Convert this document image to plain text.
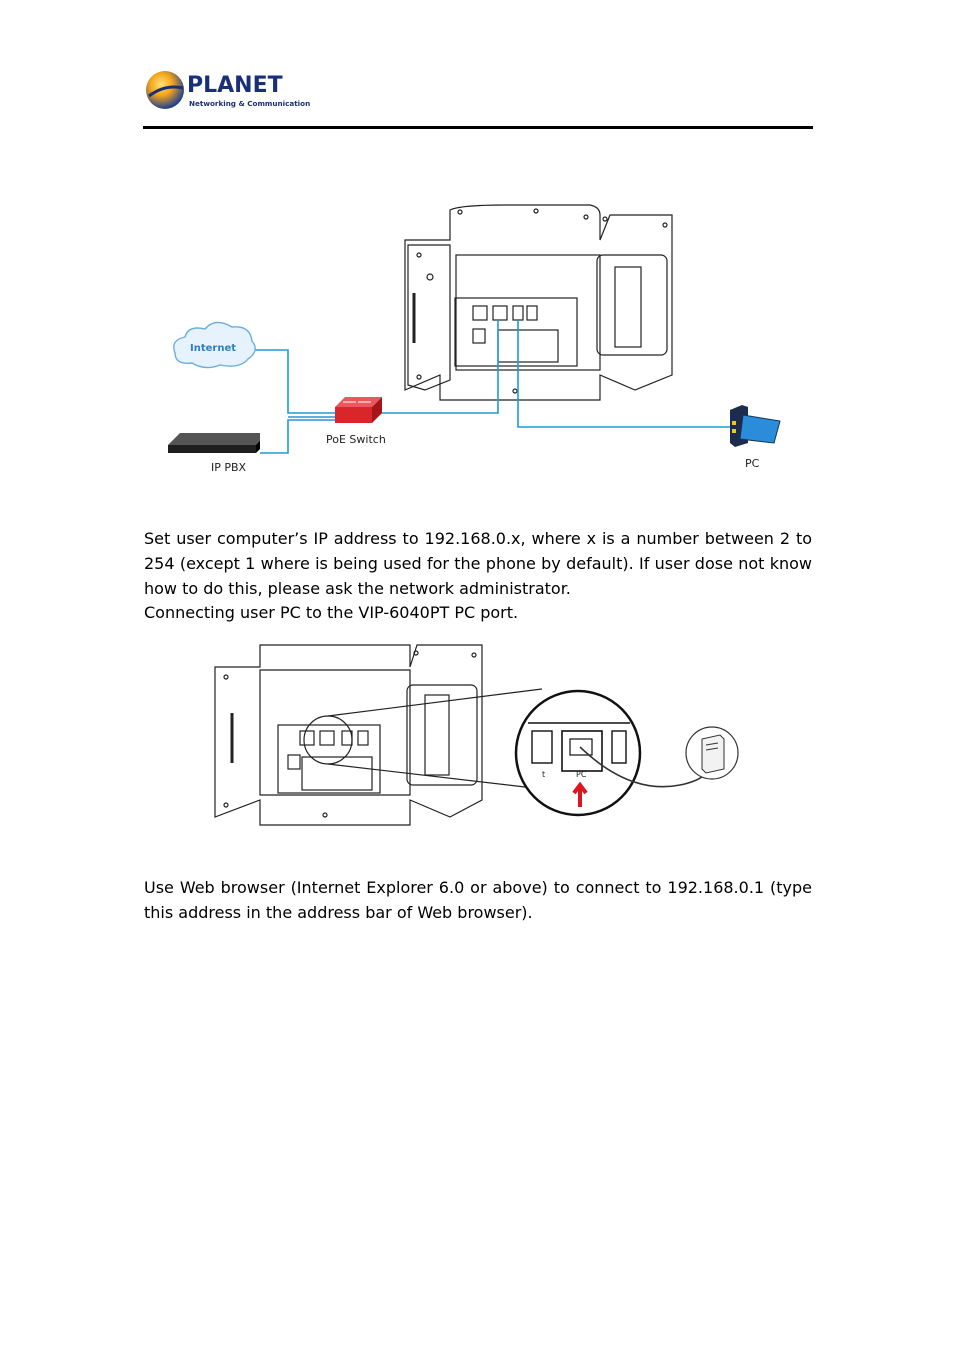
PLANET
Networking & Communication
Internet
PoE Switch
IP PBX	PC
Set user computer’s IP address to 192.168.0.x, where x is a number between 2 to 254 (except 1 where is being used for the phone by default). If user dose not know how to do this, please ask the network administrator.
Connecting user PC to the VIP-6040PT PC port.
t	PC
Use Web browser (Internet Explorer 6.0 or above) to connect to 192.168.0.1 (type this address in the address bar of Web browser).
